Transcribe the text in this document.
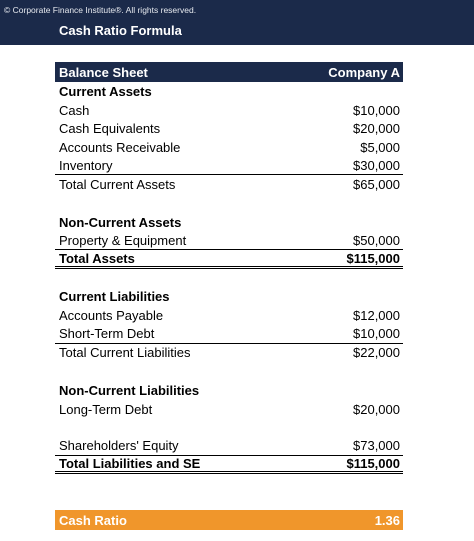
© Corporate Finance Institute®. All rights reserved.
Cash Ratio Formula
Balance Sheet	Company A
Current Assets
Cash	$10,000
Cash Equivalents	$20,000
Accounts Receivable	$5,000
Inventory	$30,000
Total Current Assets	$65,000
Non-Current Assets
Property & Equipment	$50,000
Total Assets	$115,000
Current Liabilities
Accounts Payable	$12,000
Short-Term Debt	$10,000
Total Current Liabilities	$22,000
Non-Current Liabilities
Long-Term Debt	$20,000
Shareholders' Equity	$73,000
Total Liabilities and SE	$115,000
Cash Ratio	1.36
